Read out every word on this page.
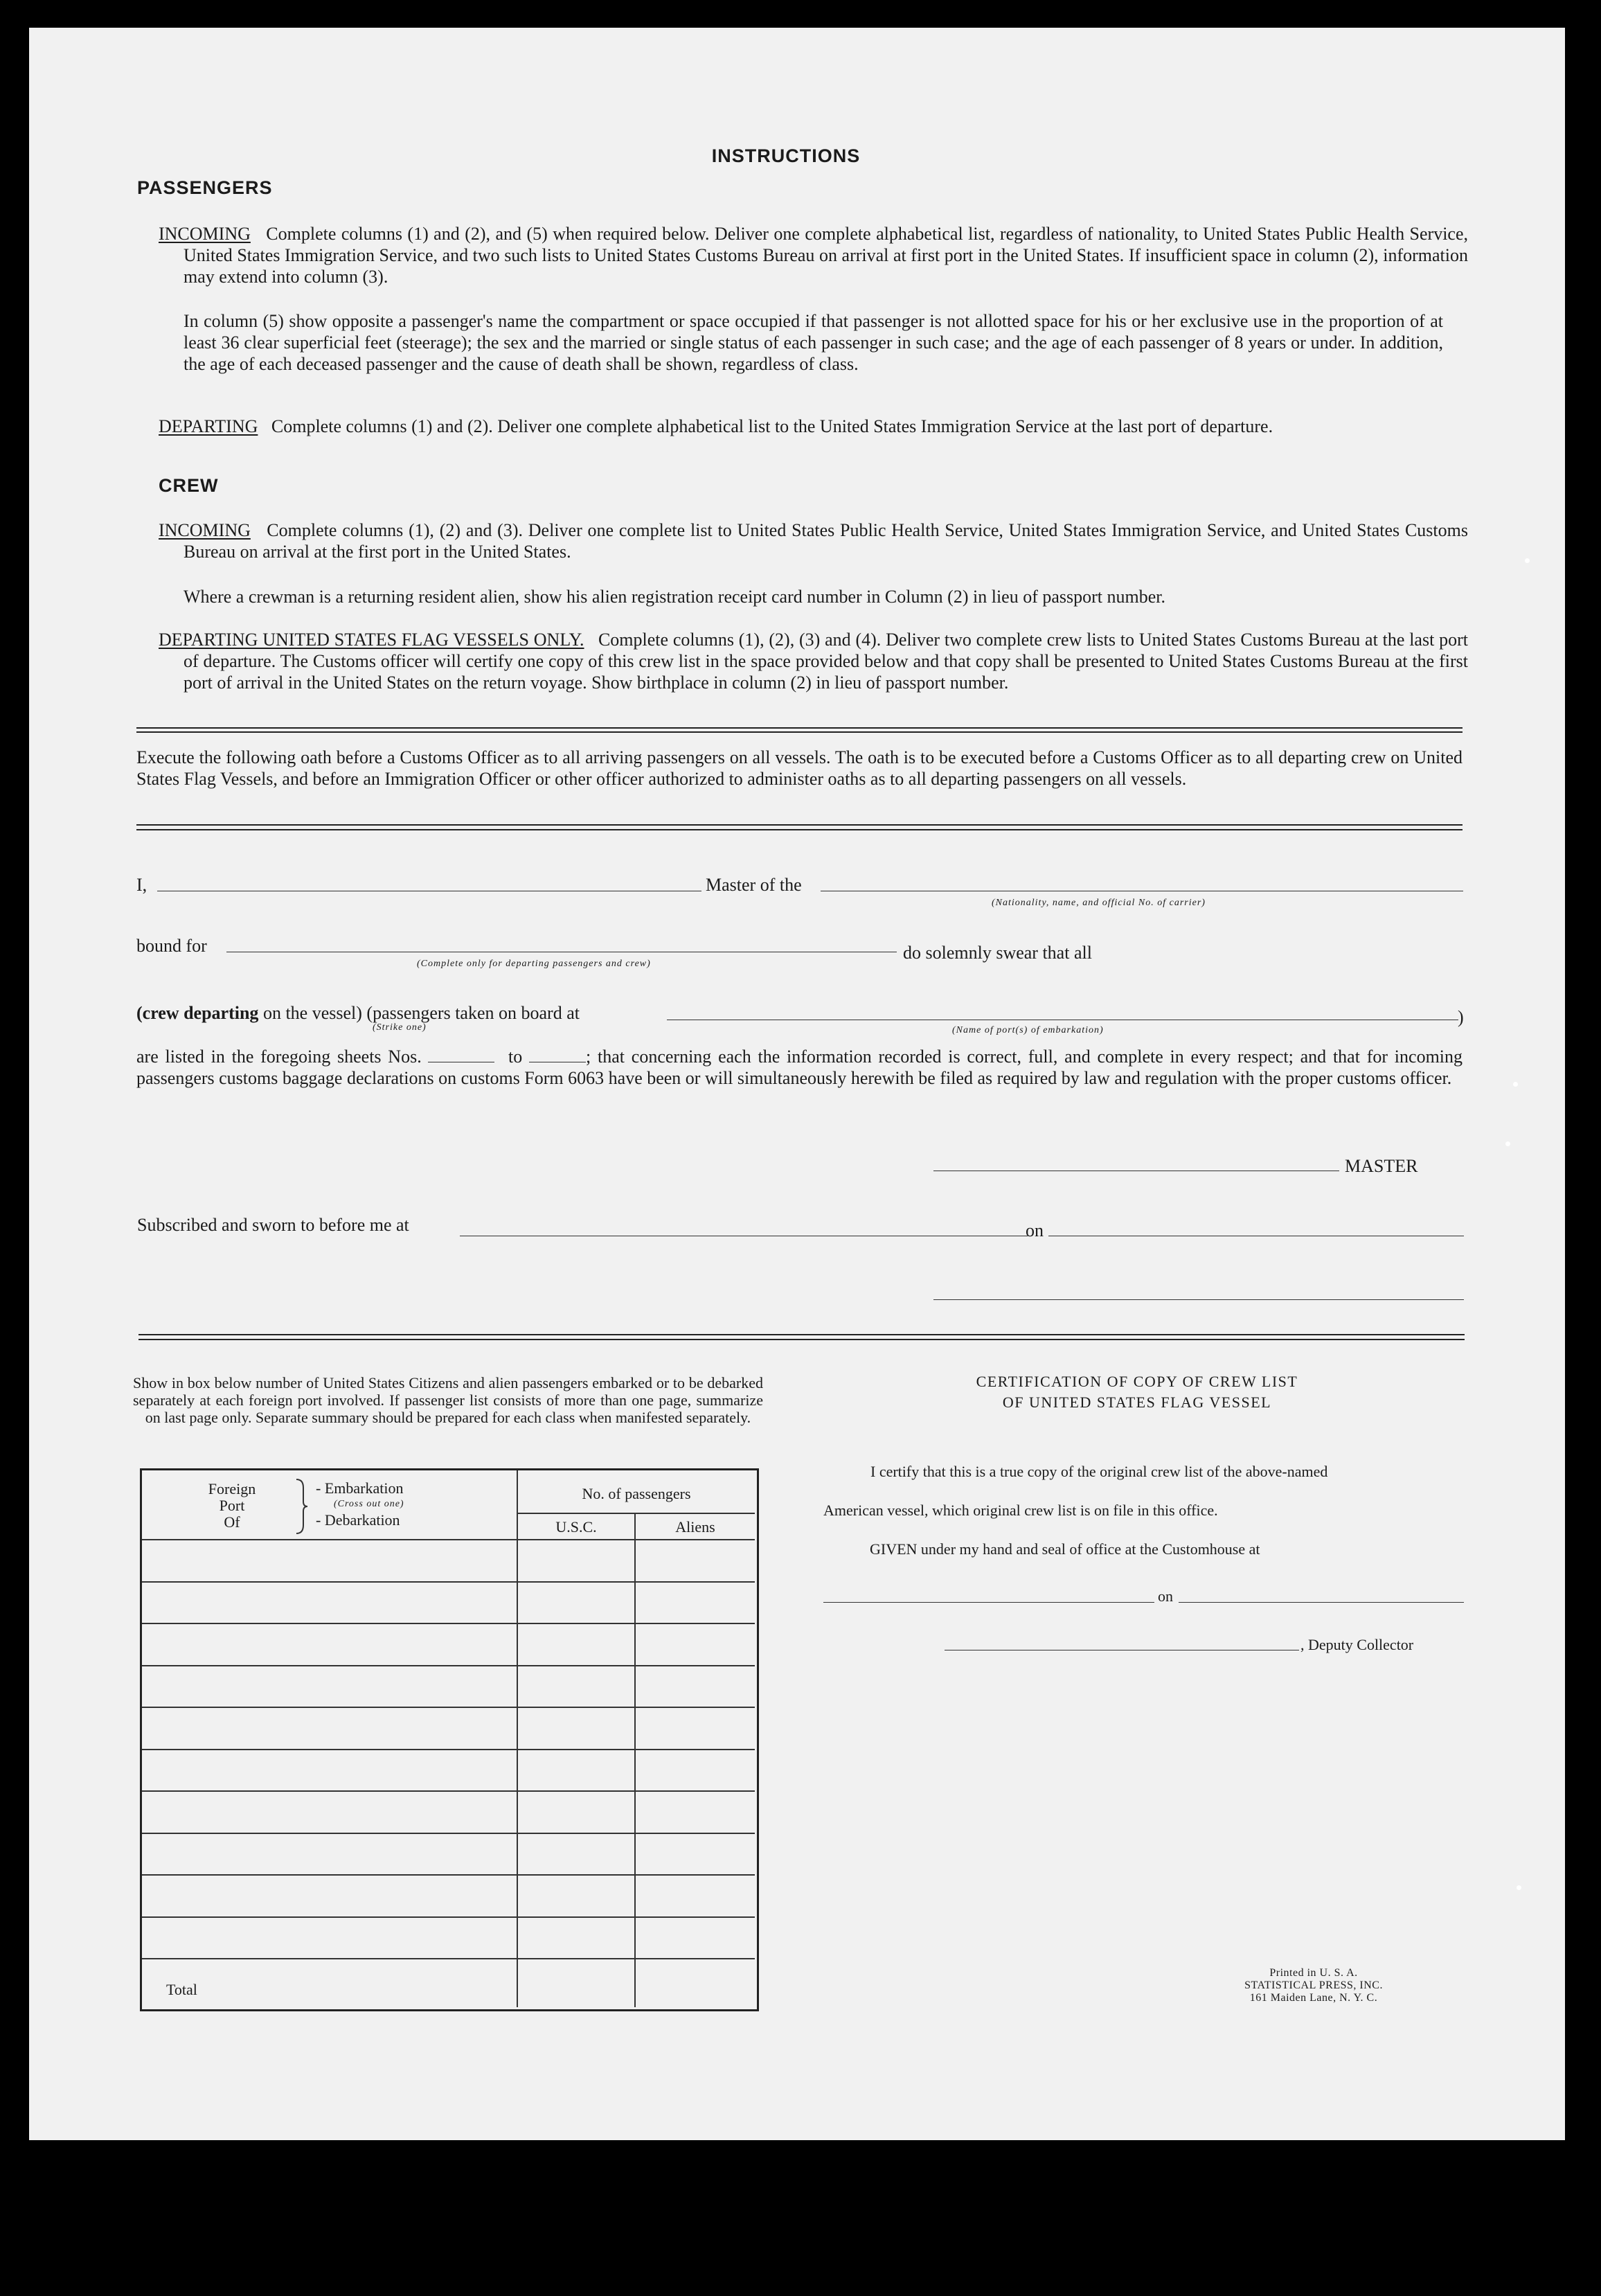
INSTRUCTIONS
PASSENGERS
INCOMING Complete columns (1) and (2), and (5) when required below. Deliver one complete alphabetical list, regardless of nationality, to United States Public Health Service, United States Immigration Service, and two such lists to United States Customs Bureau on arrival at first port in the United States. If insufficient space in column (2), information may extend into column (3).
In column (5) show opposite a passenger's name the compartment or space occupied if that passenger is not allotted space for his or her exclusive use in the proportion of at least 36 clear superficial feet (steerage); the sex and the married or single status of each passenger in such case; and the age of each passenger of 8 years or under. In addition, the age of each deceased passenger and the cause of death shall be shown, regardless of class.
DEPARTING Complete columns (1) and (2). Deliver one complete alphabetical list to the United States Immigration Service at the last port of departure.
CREW
INCOMING Complete columns (1), (2) and (3). Deliver one complete list to United States Public Health Service, United States Immigration Service, and United States Customs Bureau on arrival at the first port in the United States.
Where a crewman is a returning resident alien, show his alien registration receipt card number in Column (2) in lieu of passport number.
DEPARTING UNITED STATES FLAG VESSELS ONLY. Complete columns (1), (2), (3) and (4). Deliver two complete crew lists to United States Customs Bureau at the last port of departure. The Customs officer will certify one copy of this crew list in the space provided below and that copy shall be presented to United States Customs Bureau at the first port of arrival in the United States on the return voyage. Show birthplace in column (2) in lieu of passport number.
Execute the following oath before a Customs Officer as to all arriving passengers on all vessels. The oath is to be executed before a Customs Officer as to all departing crew on United States Flag Vessels, and before an Immigration Officer or other officer authorized to administer oaths as to all departing passengers on all vessels.
I,	Master of the
(Nationality, name, and official No. of carrier)
bound for	do solemnly swear that all
(Complete only for departing passengers and crew)
(crew departing on the vessel) (passengers taken on board at	)
(Strike one)	(Name of port(s) of embarkation)
are listed in the foregoing sheets Nos.	to	; that concerning each the information recorded is correct, full, and complete in every respect; and that for incoming passengers customs baggage declarations on customs Form 6063 have been or will simultaneously herewith be filed as required by law and regulation with the proper customs officer.
MASTER
Subscribed and sworn to before me at	on
Show in box below number of United States Citizens and alien passengers embarked or to be debarked separately at each foreign port involved. If passenger list consists of more than one page, summarize on last page only. Separate summary should be prepared for each class when manifested separately.
Foreign
Port
Of
- Embarkation
(Cross out one)
- Debarkation
No. of passengers
U.S.C.	Aliens
Total
CERTIFICATION OF COPY OF CREW LIST
OF UNITED STATES FLAG VESSEL
I certify that this is a true copy of the original crew list of the above-named
American vessel, which original crew list is on file in this office.
GIVEN under my hand and seal of office at the Customhouse at
on
, Deputy Collector
Printed in U. S. A.
STATISTICAL PRESS, INC.
161 Maiden Lane, N. Y. C.
